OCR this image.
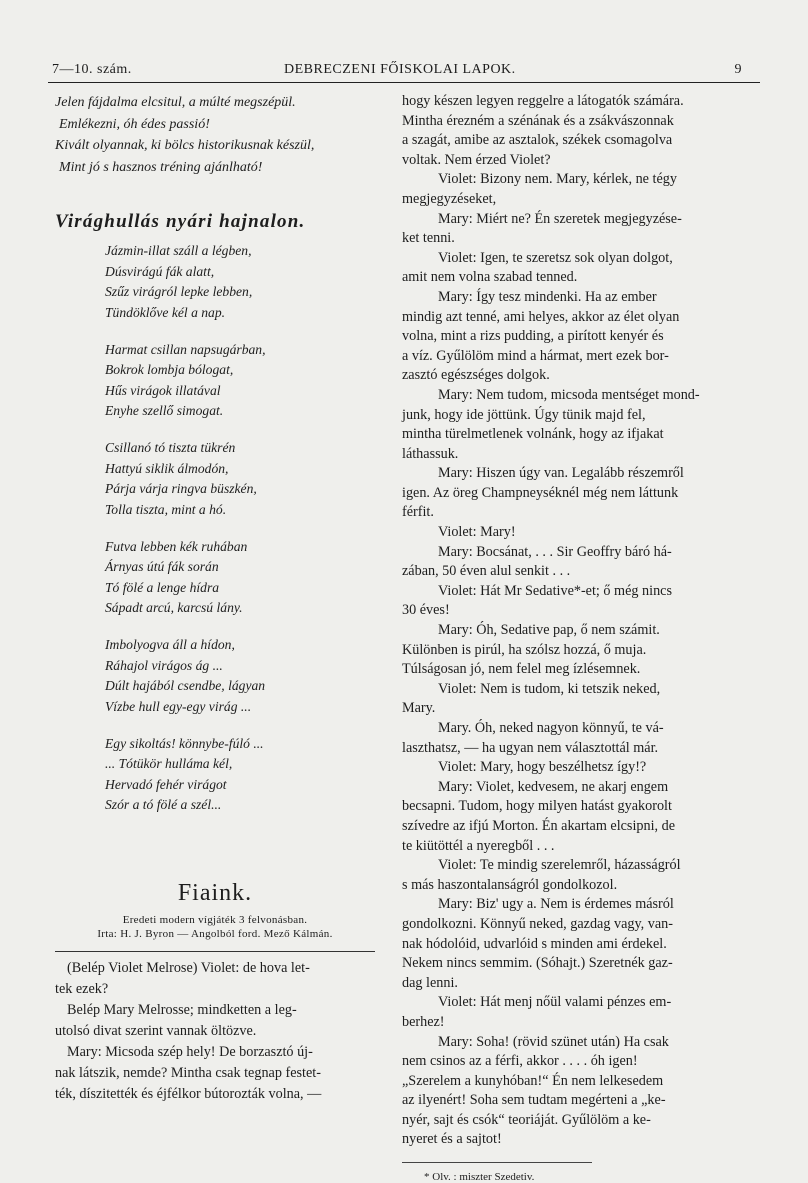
7—10. szám.	DEBRECZENI FŐISKOLAI LAPOK.	9
Jelen fájdalma elcsitul, a múlté megszépül.
Emlékezni, óh édes passió!
Kivált olyannak, ki bölcs historikusnak készül,
Mint jó s hasznos tréning ajánlható!
Virághullás nyári hajnalon.
Jázmin-illat száll a légben,
Dúsvirágú fák alatt,
Szűz virágról lepke lebben,
Tündöklőve kél a nap.
Harmat csillan napsugárban,
Bokrok lombja bólogat,
Hűs virágok illatával
Enyhe szellő simogat.
Csillanó tó tiszta tükrén
Hattyú siklik álmodón,
Párja várja ringva büszkén,
Tolla tiszta, mint a hó.
Futva lebben kék ruhában
Árnyas útú fák során
Tó fölé a lenge hídra
Sápadt arcú, karcsú lány.
Imbolyogva áll a hídon,
Ráhajol virágos ág ...
Dúlt hajából csendbe, lágyan
Vízbe hull egy-egy virág ...
Egy sikoltás! könnybe-fúló ...
... Tótükör hulláma kél,
Hervadó fehér virágot
Szór a tó fölé a szél...
Fiaink.
Eredeti modern vígjáték 3 felvonásban.
Irta: H. J. Byron — Angolból ford. Mező Kálmán.
(Belép Violet Melrose) Violet: de hova let-
tek ezek?
Belép Mary Melrosse; mindketten a leg-
utolsó divat szerint vannak öltözve.
Mary: Micsoda szép hely! De borzasztó új-
nak látszik, nemde? Mintha csak tegnap festet-
ték, díszitették és éjfélkor bútorozták volna, —
hogy készen legyen reggelre a látogatók számára.
Mintha érezném a szénának és a zsákvászonnak
a szagát, amibe az asztalok, székek csomagolva
voltak. Nem érzed Violet?
Violet: Bizony nem. Mary, kérlek, ne tégy
megjegyzéseket,
Mary: Miért ne? Én szeretek megjegyzése-
ket tenni.
Violet: Igen, te szeretsz sok olyan dolgot,
amit nem volna szabad tenned.
Mary: Így tesz mindenki. Ha az ember
mindig azt tenné, ami helyes, akkor az élet olyan
volna, mint a rizs pudding, a pirított kenyér és
a víz. Gyűlölöm mind a hármat, mert ezek bor-
zasztó egészséges dolgok.
Mary: Nem tudom, micsoda mentséget mond-
junk, hogy ide jöttünk. Úgy tünik majd fel,
mintha türelmetlenek volnánk, hogy az ifjakat
láthassuk.
Mary: Hiszen úgy van. Legalább részemről
igen. Az öreg Champneyséknél még nem láttunk
férfit.
Violet: Mary!
Mary: Bocsánat, . . . Sir Geoffry báró há-
zában, 50 éven alul senkit . . .
Violet: Hát Mr Sedative*-et; ő még nincs
30 éves!
Mary: Óh, Sedative pap, ő nem számit.
Különben is pirúl, ha szólsz hozzá, ő muja.
Túlságosan jó, nem felel meg ízlésemnek.
Violet: Nem is tudom, ki tetszik neked,
Mary.
Mary. Óh, neked nagyon könnyű, te vá-
laszthatsz, — ha ugyan nem választottál már.
Violet: Mary, hogy beszélhetsz így!?
Mary: Violet, kedvesem, ne akarj engem
becsapni. Tudom, hogy milyen hatást gyakorolt
szívedre az ifjú Morton. Én akartam elcsipni, de
te kiütöttél a nyeregből . . .
Violet: Te mindig szerelemről, házasságról
s más haszontalanságról gondolkozol.
Mary: Biz' ugy a. Nem is érdemes másról
gondolkozni. Könnyű neked, gazdag vagy, van-
nak hódolóid, udvarlóid s minden ami érdekel.
Nekem nincs semmim. (Sóhajt.) Szeretnék gaz-
dag lenni.
Violet: Hát menj nőül valami pénzes em-
berhez!
Mary: Soha! (rövid szünet után) Ha csak
nem csinos az a férfi, akkor . . . . óh igen!
„Szerelem a kunyhóban!“ Én nem lelkesedem
az ilyenért! Soha sem tudtam megérteni a „ke-
nyér, sajt és csók“ teoriáját. Gyűlölöm a ke-
nyeret és a sajtot!
* Olv. : miszter Szedetiv.
